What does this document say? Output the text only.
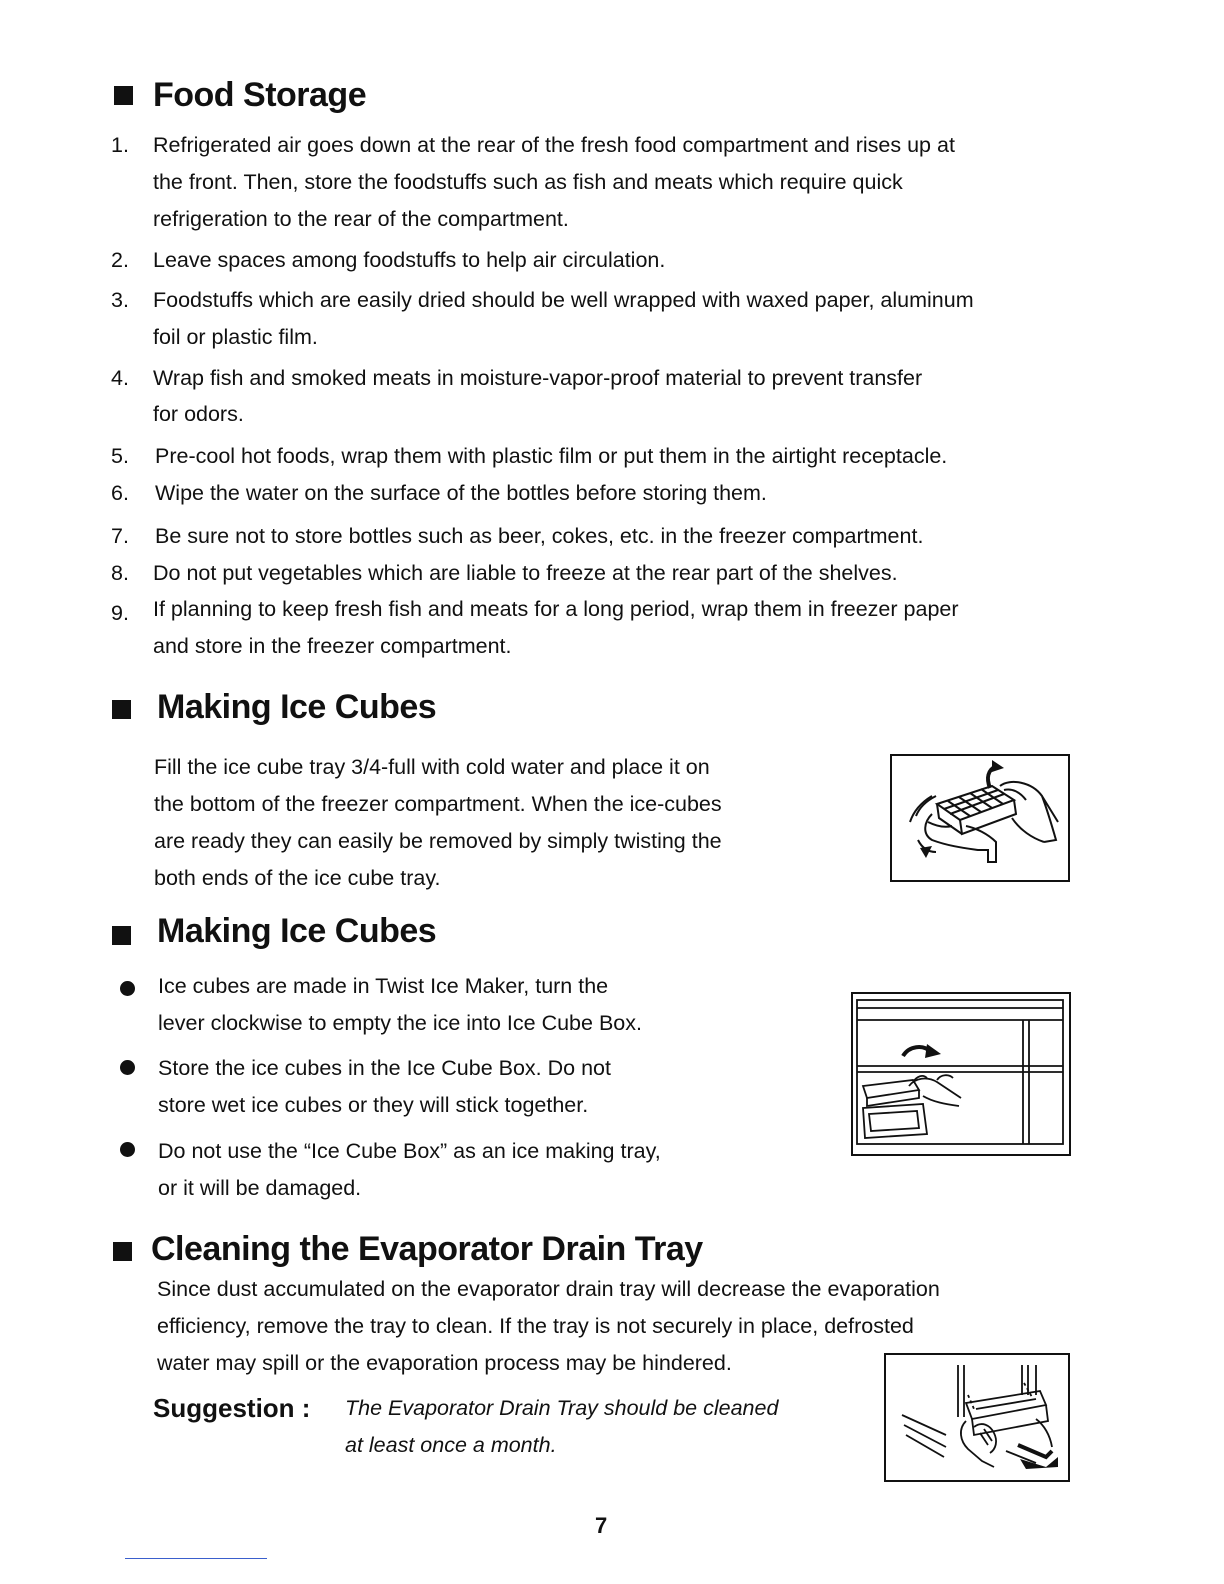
Food Storage
1. Refrigerated air goes down at the rear of the fresh food compartment and rises up at
the front. Then, store the foodstuffs such as fish and meats which require quick
refrigeration to the rear of the compartment.
2. Leave spaces among foodstuffs to help air circulation.
3. Foodstuffs which are easily dried should be well wrapped with waxed paper, aluminum
foil or plastic film.
4. Wrap fish and smoked meats in moisture-vapor-proof material to prevent transfer
for odors.
5. Pre-cool hot foods, wrap them with plastic film or put them in the airtight receptacle.
6. Wipe the water on the surface of the bottles before storing them.
7. Be sure not to store bottles such as beer, cokes, etc. in the freezer compartment.
8. Do not put vegetables which are liable to freeze at the rear part of the shelves.
9. If planning to keep fresh fish and meats for a long period, wrap them in freezer paper
and store in the freezer compartment.
Making Ice Cubes
Fill the ice cube tray 3/4-full with cold water and place it on
the bottom of the freezer compartment. When the ice-cubes
are ready they can easily be removed by simply twisting the
both ends of the ice cube tray.
Making Ice Cubes
Ice cubes are made in Twist Ice Maker, turn the
lever clockwise to empty the ice into Ice Cube Box.
Store the ice cubes in the Ice Cube Box. Do not
store wet ice cubes or they will stick together.
Do not use the “Ice Cube Box” as an ice making tray,
or it will be damaged.
Cleaning the Evaporator Drain Tray
Since dust accumulated on the evaporator drain tray will decrease the evaporation
efficiency, remove the tray to clean. If the tray is not securely in place, defrosted
water may spill or the evaporation process may be hindered.
Suggestion : The Evaporator Drain Tray should be cleaned
at least once a month.
7
